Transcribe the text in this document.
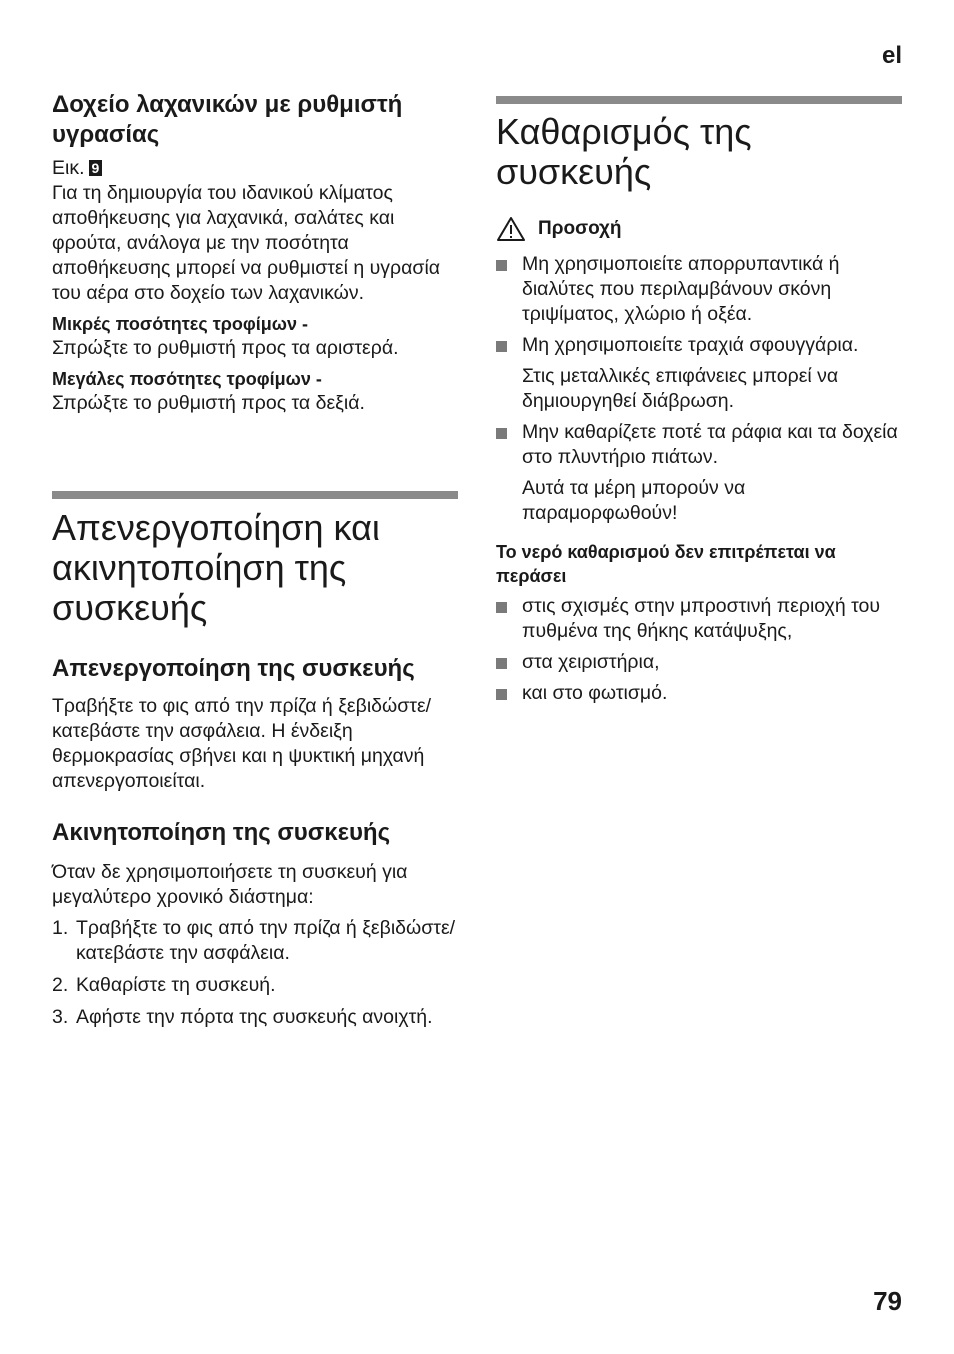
el
79
Δοχείο λαχανικών με ρυθμιστή υγρασίας

Εικ. 9

Για τη δημιουργία του ιδανικού κλίματος αποθήκευσης για λαχανικά, σαλάτες και φρούτα, ανάλογα με την ποσότητα αποθήκευσης μπορεί να ρυθμιστεί η υγρασία του αέρα στο δοχείο των λαχανικών.

Μικρές ποσότητες τροφίμων -

Σπρώξτε το ρυθμιστή προς τα αριστερά.

Μεγάλες ποσότητες τροφίμων -

Σπρώξτε το ρυθμιστή προς τα δεξιά.

Απενεργοποίηση και ακινητοποίηση της συσκευής
Απενεργοποίηση της συσκευής

Τραβήξτε το φις από την πρίζα ή ξεβιδώστε/κατεβάστε την ασφάλεια. Η ένδειξη θερμοκρασίας σβήνει και η ψυκτική μηχανή απενεργοποιείται.

Ακινητοποίηση της συσκευής

Όταν δε χρησιμοποιήσετε τη συσκευή για μεγαλύτερο χρονικό διάστημα:

1. Τραβήξτε το φις από την πρίζα ή ξεβιδώστε/κατεβάστε την ασφάλεια.
2. Καθαρίστε τη συσκευή.
3. Αφήστε την πόρτα της συσκευής ανοιχτή.
Καθαρισμός της συσκευής
Προσοχή
Μη χρησιμοποιείτε απορρυπαντικά ή διαλύτες που περιλαμβάνουν σκόνη τριψίματος, χλώριο ή οξέα.
Μη χρησιμοποιείτε τραχιά σφουγγάρια.
Στις μεταλλικές επιφάνειες μπορεί να δημιουργηθεί διάβρωση.
Μην καθαρίζετε ποτέ τα ράφια και τα δοχεία στο πλυντήριο πιάτων.
Αυτά τα μέρη μπορούν να παραμορφωθούν!

Το νερό καθαρισμού δεν επιτρέπεται να περάσει

στις σχισμές στην μπροστινή περιοχή του πυθμένα της θήκης κατάψυξης,
στα χειριστήρια,
και στο φωτισμό.
